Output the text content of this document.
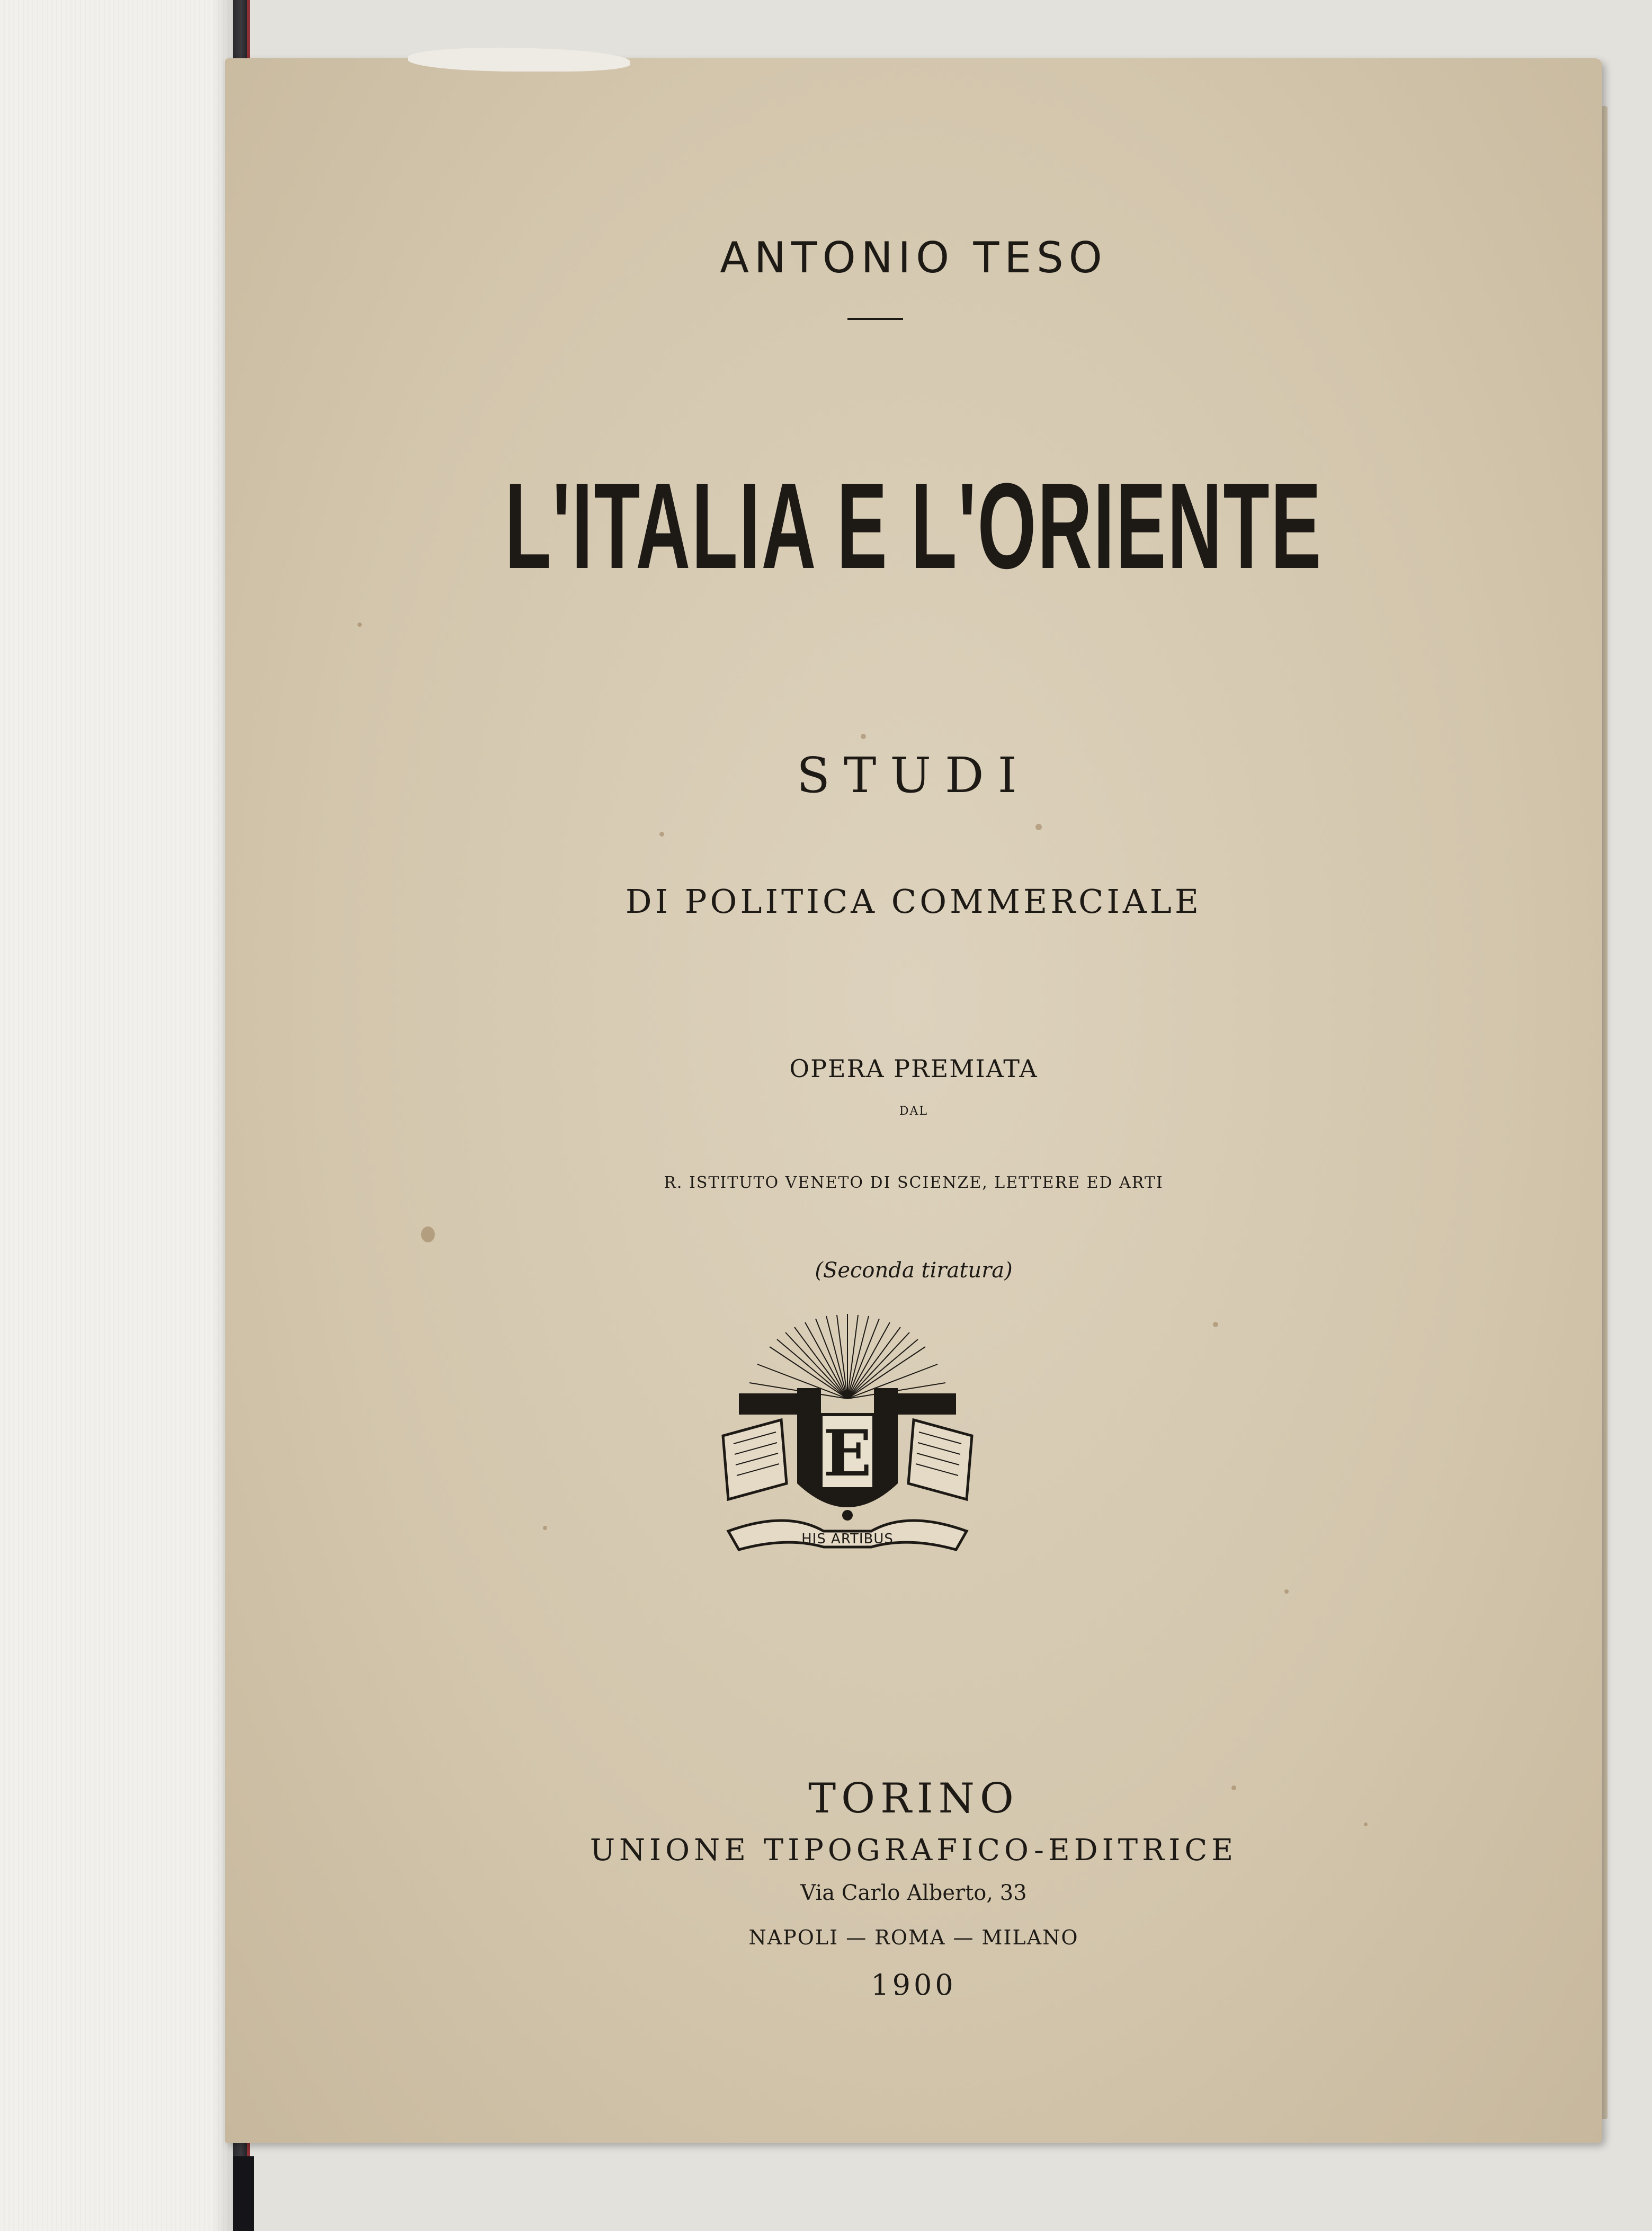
ANTONIO TESO
L'ITALIA E L'ORIENTE
STUDI
DI POLITICA COMMERCIALE
OPERA PREMIATA
DAL
R. ISTITUTO VENETO DI SCIENZE, LETTERE ED ARTI
(Seconda tiratura)
E
HIS ARTIBUS
TORINO
UNIONE TIPOGRAFICO-EDITRICE
Via Carlo Alberto, 33
NAPOLI — ROMA — MILANO
1900
